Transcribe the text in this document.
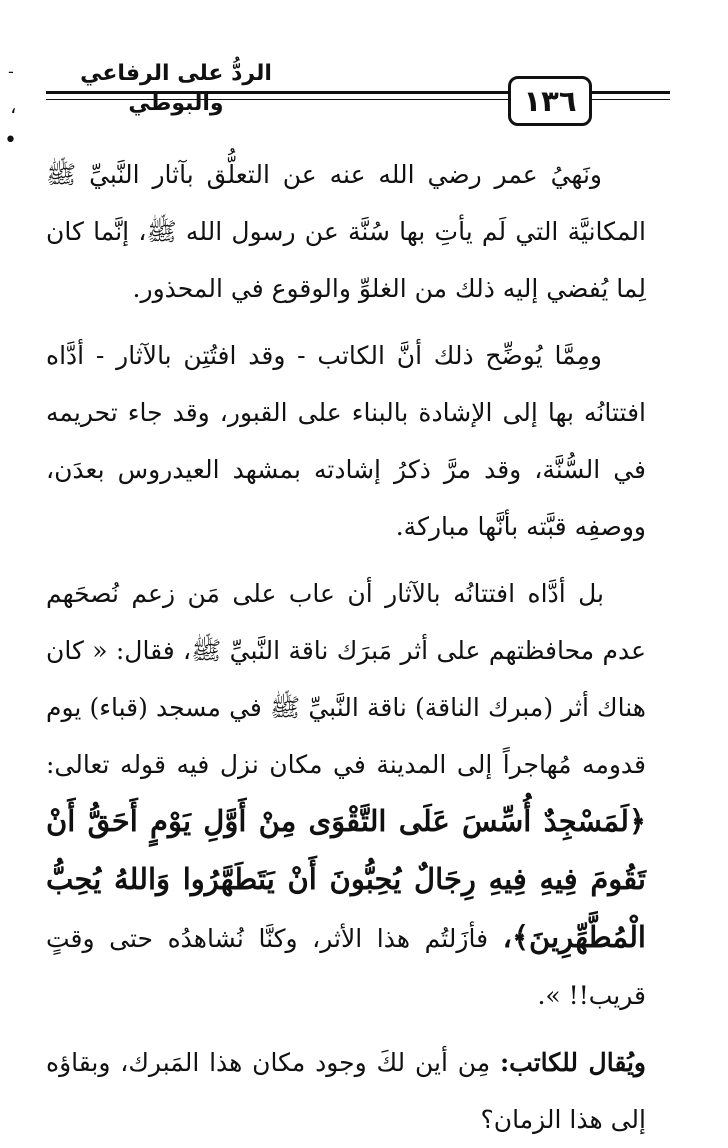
-
،
•
الردُّ على الرفاعي والبوطي	١٣٦

ونَهيُ عمر رضي الله عنه عن التعلُّق بآثار النَّبيِّ ﷺ المكانيَّة التي لَم يأتِ بها سُنَّة عن رسول الله ﷺ، إنَّما كان لِما يُفضي إليه ذلك من الغلوِّ والوقوع في المحذور.

ومِمَّا يُوضِّح ذلك أنَّ الكاتب - وقد افتُتِن بالآثار - أدَّاه افتتانُه بها إلى الإشادة بالبناء على القبور، وقد جاء تحريمه في السُّنَّة، وقد مرَّ ذكرُ إشادته بمشهد العيدروس بعدَن، ووصفِه قبَّته بأنَّها مباركة.

بل أدَّاه افتتانُه بالآثار أن عاب على مَن زعم نُصحَهم عدم محافظتهم على أثر مَبرَك ناقة النَّبيِّ ﷺ، فقال: « كان هناك أثر (مبرك الناقة) ناقة النَّبيِّ ﷺ في مسجد (قباء) يوم قدومه مُهاجراً إلى المدينة في مكان نزل فيه قوله تعالى: ﴿لَمَسْجِدٌ أُسِّسَ عَلَى التَّقْوَى مِنْ أَوَّلِ يَوْمٍ أَحَقُّ أَنْ تَقُومَ فِيهِ فِيهِ رِجَالٌ يُحِبُّونَ أَنْ يَتَطَهَّرُوا وَاللهُ يُحِبُّ الْمُطَّهِّرِينَ﴾، فأزَلتُم هذا الأثر، وكنَّا نُشاهدُه حتى وقتٍ قريب!! ».

ويُقال للكاتب: مِن أين لكَ وجود مكان هذا المَبرك، وبقاؤه إلى هذا الزمان؟
